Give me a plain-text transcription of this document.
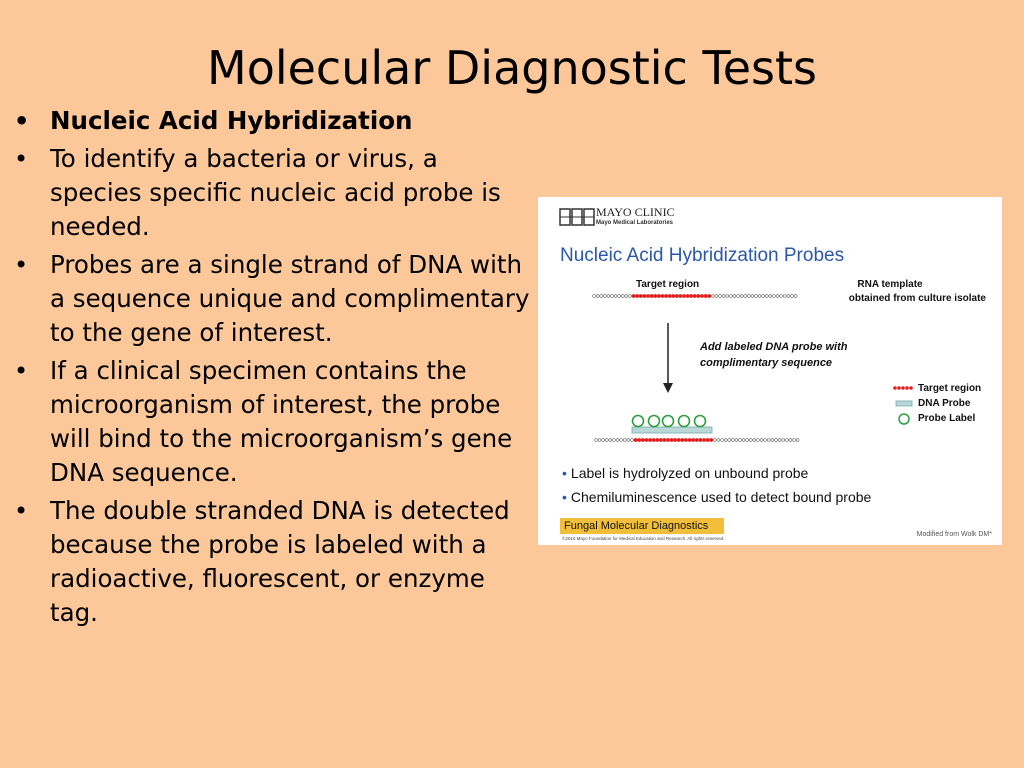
Molecular Diagnostic Tests
• Nucleic Acid Hybridization
• To identify a bacteria or virus, a species specific nucleic acid probe is needed.
• Probes are a single strand of DNA with a sequence unique and complimentary to the gene of interest.
• If a clinical specimen contains the microorganism of interest, the probe will bind to the microorganism’s gene DNA sequence.
• The double stranded DNA is detected because the probe is labeled with a radioactive, fluorescent, or enzyme tag.
MAYO CLINIC
Mayo Medical Laboratories
Nucleic Acid Hybridization Probes
Target region	RNA template
obtained from culture isolate
Add labeled DNA probe with
complimentary sequence
Target region
DNA Probe
Probe Label
• Label is hydrolyzed on unbound probe
• Chemiluminescence used to detect bound probe
Fungal Molecular Diagnostics
©2010 Mayo Foundation for Medical Education and Research. All rights reserved.
Modified from Wolk DM*
